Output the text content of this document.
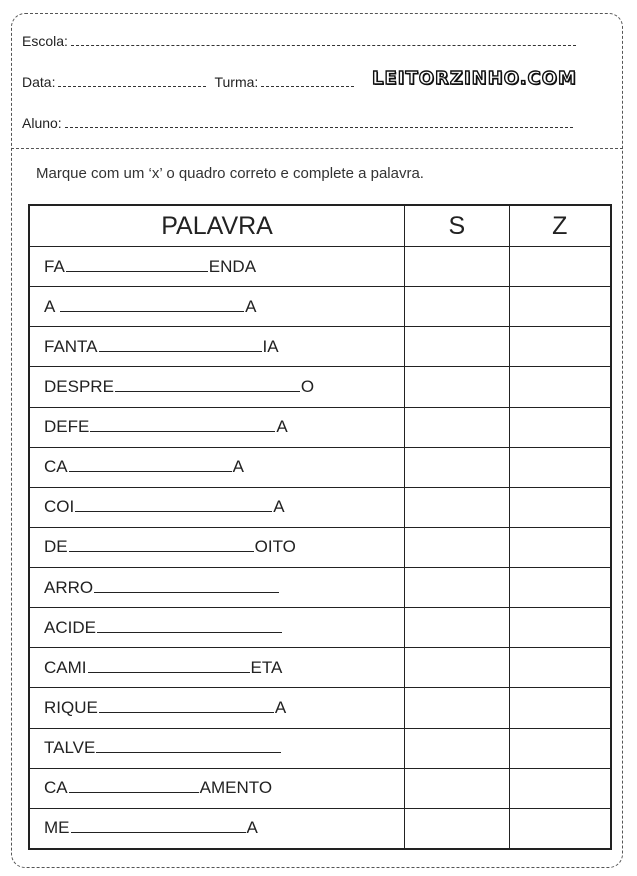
Escola:
Data:	Turma:	LEITORZINHO.COM
Aluno:
Marque com um ‘x’ o quadro correto e complete a palavra.
PALAVRA	S	Z
FA ENDA		
A A		
FANTA IA		
DESPRE O		
DEFE A		
CA A		
COI A		
DE OITO		
ARRO		
ACIDE		
CAMI ETA		
RIQUE A		
TALVE		
CA AMENTO		
ME A		
